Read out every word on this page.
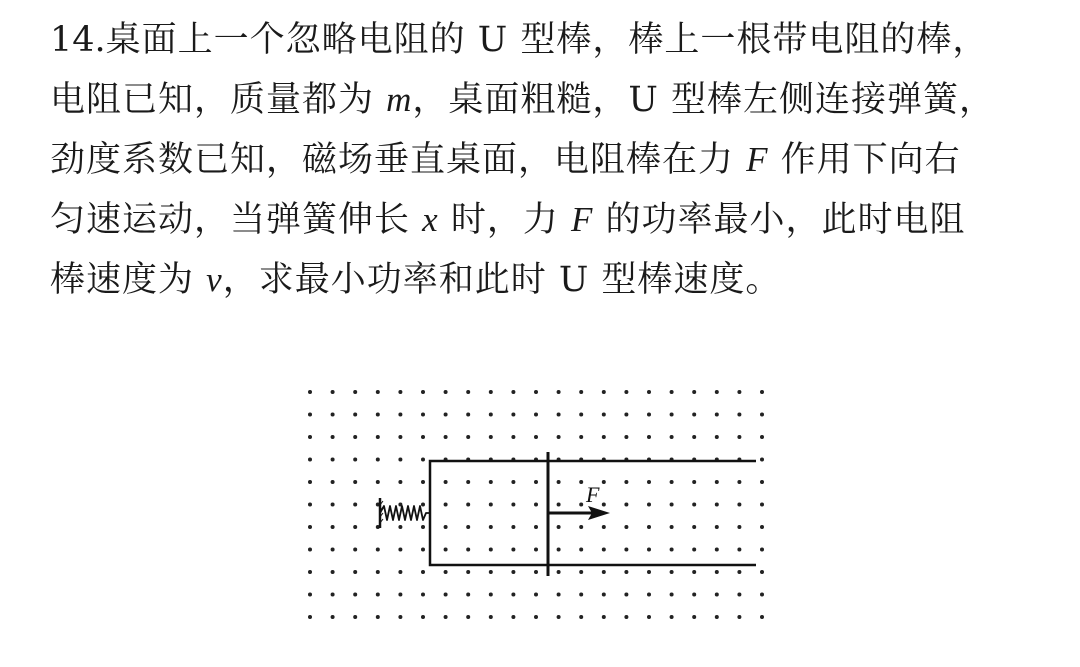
14.桌面上一个忽略电阻的 U 型棒，棒上一根带电阻的棒，
电阻已知，质量都为 m，桌面粗糙，U 型棒左侧连接弹簧，
劲度系数已知，磁场垂直桌面，电阻棒在力 F 作用下向右
匀速运动，当弹簧伸长 x 时，力 F 的功率最小，此时电阻
棒速度为 v，求最小功率和此时 U 型棒速度。
F
